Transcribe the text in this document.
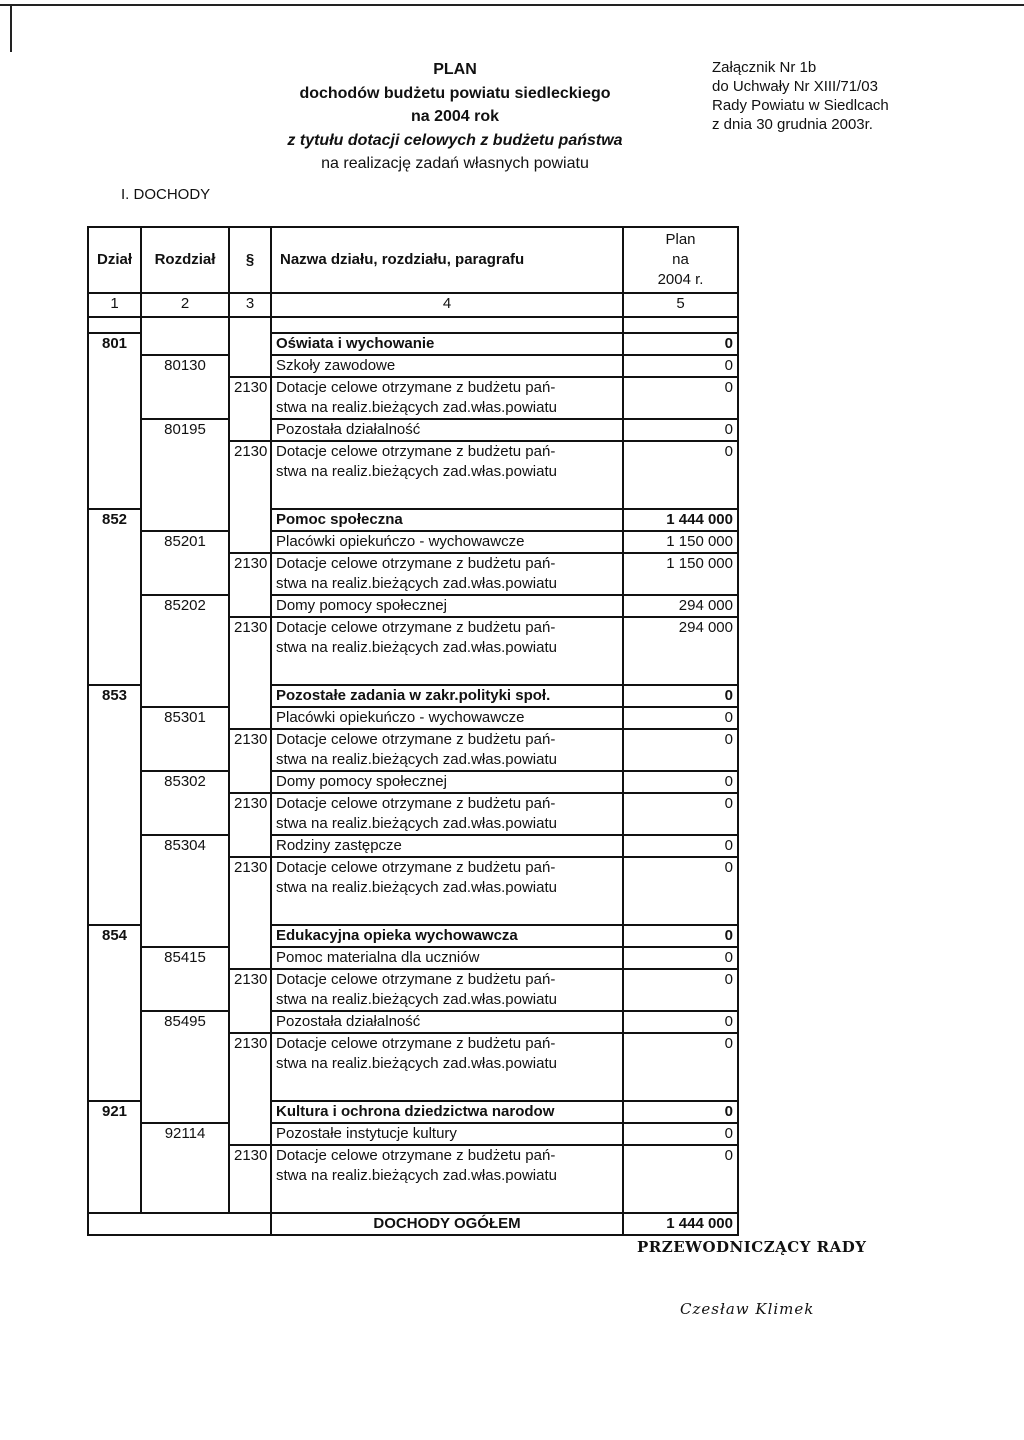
PLAN
dochodów budżetu powiatu siedleckiego
na 2004 rok
z tytułu dotacji celowych z budżetu państwa
na realizację zadań własnych powiatu
Załącznik Nr 1b
do Uchwały Nr XIII/71/03
Rady Powiatu w Siedlcach
z dnia 30 grudnia 2003r.
I. DOCHODY
Dział	Rozdział	§	Nazwa działu, rozdziału, paragrafu	Plan
na
2004 r.

1	2	3	4	5

801			Oświata i wychowanie	0
	80130		Szkoły zawodowe	0
		2130	Dotacje celowe otrzymane z budżetu pań-	0
			stwa na realiz.bieżących zad.włas.powiatu	
	80195		Pozostała działalność	0
		2130	Dotacje celowe otrzymane z budżetu pań-	0
			stwa na realiz.bieżących zad.włas.powiatu	

852			Pomoc społeczna	1 444 000
	85201		Placówki opiekuńczo - wychowawcze	1 150 000
		2130	Dotacje celowe otrzymane z budżetu pań-	1 150 000
			stwa na realiz.bieżących zad.włas.powiatu	
	85202		Domy pomocy społecznej	294 000
		2130	Dotacje celowe otrzymane z budżetu pań-	294 000
			stwa na realiz.bieżących zad.włas.powiatu	

853			Pozostałe zadania w zakr.polityki społ.	0
	85301		Placówki opiekuńczo - wychowawcze	0
		2130	Dotacje celowe otrzymane z budżetu pań-	0
			stwa na realiz.bieżących zad.włas.powiatu	
	85302		Domy pomocy społecznej	0
		2130	Dotacje celowe otrzymane z budżetu pań-	0
			stwa na realiz.bieżących zad.włas.powiatu	
	85304		Rodziny zastępcze	0
		2130	Dotacje celowe otrzymane z budżetu pań-	0
			stwa na realiz.bieżących zad.włas.powiatu	

854			Edukacyjna opieka wychowawcza	0
	85415		Pomoc materialna dla uczniów	0
		2130	Dotacje celowe otrzymane z budżetu pań-	0
			stwa na realiz.bieżących zad.włas.powiatu	
	85495		Pozostała działalność	0
		2130	Dotacje celowe otrzymane z budżetu pań-	0
			stwa na realiz.bieżących zad.włas.powiatu	

921			Kultura i ochrona dziedzictwa narodow	0
	92114		Pozostałe instytucje kultury	0
		2130	Dotacje celowe otrzymane z budżetu pań-	0
			stwa na realiz.bieżących zad.włas.powiatu	

			DOCHODY OGÓŁEM	1 444 000
PRZEWODNICZĄCY RADY
Czesław Klimek
